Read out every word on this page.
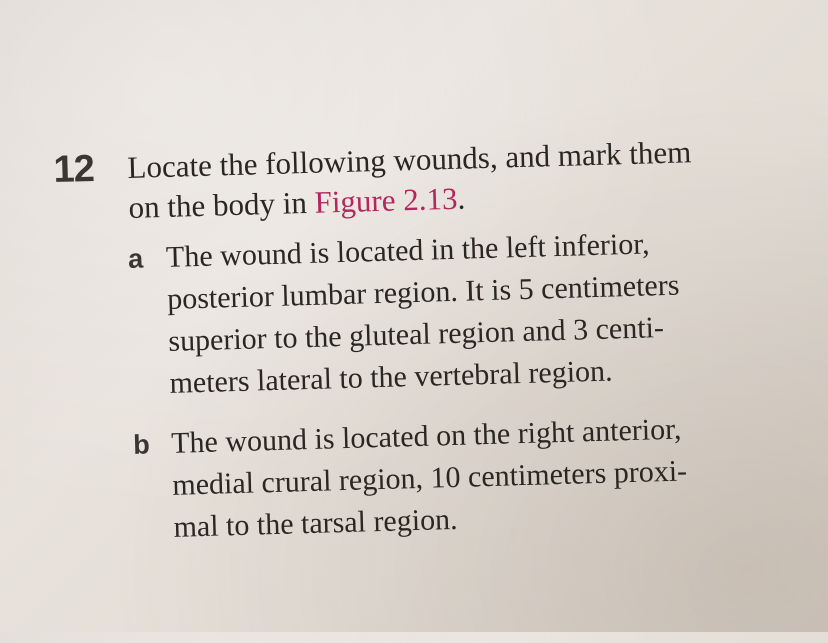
12	Locate the following wounds, and mark them
on the body in Figure 2.13.
a The wound is located in the left inferior,
posterior lumbar region. It is 5 centimeters
superior to the gluteal region and 3 centi-
meters lateral to the vertebral region.
b The wound is located on the right anterior,
medial crural region, 10 centimeters proxi-
mal to the tarsal region.
